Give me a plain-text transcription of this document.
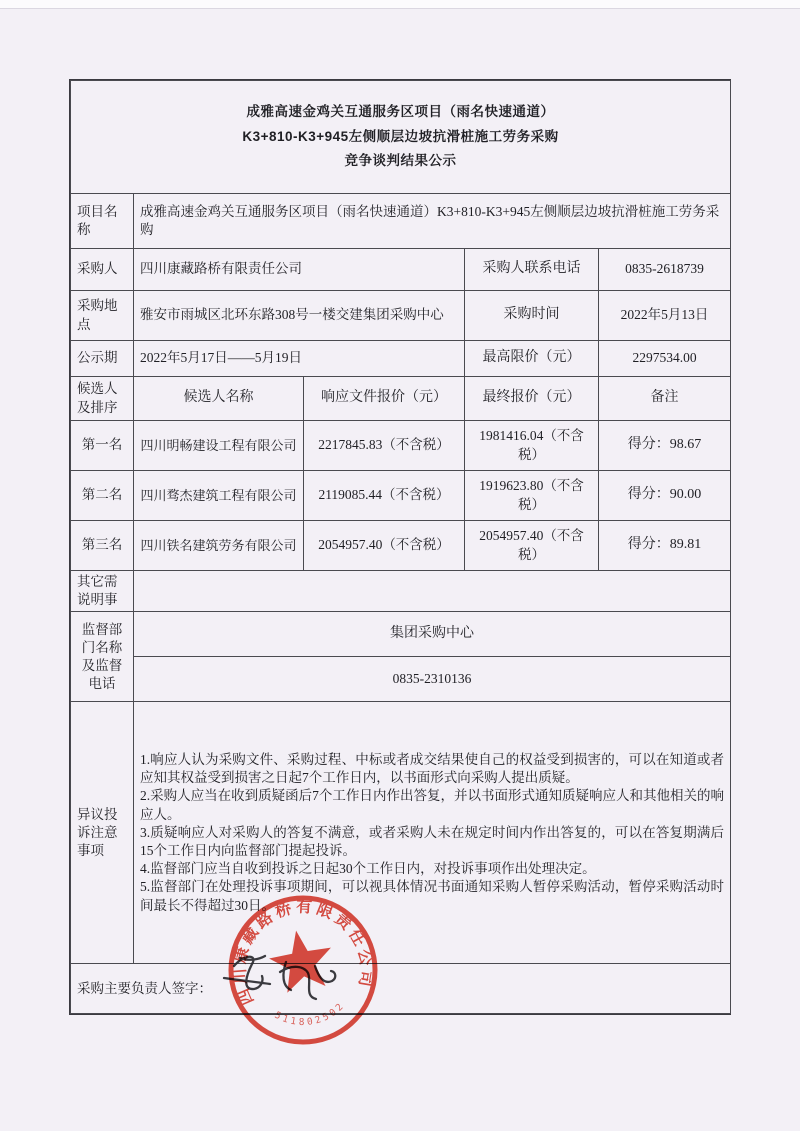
成雅高速金鸡关互通服务区项目（雨名快速通道）
K3+810-K3+945左侧顺层边坡抗滑桩施工劳务采购
竞争谈判结果公示				

项目名称	成雅高速金鸡关互通服务区项目（雨名快速通道）K3+810-K3+945左侧顺层边坡抗滑桩施工劳务采购			
采购人	四川康藏路桥有限责任公司		采购人联系电话	0835-2618739
采购地点	雅安市雨城区北环东路308号一楼交建集团采购中心		采购时间	2022年5月13日
公示期	2022年5月17日——5月19日		最高限价（元）	2297534.00
候选人及排序	候选人名称	响应文件报价（元）	最终报价（元）	备注
第一名	四川明畅建设工程有限公司	2217845.83（不含税）	1981416.04（不含税）	得分：98.67
第二名	四川骛杰建筑工程有限公司	2119085.44（不含税）	1919623.80（不含税）	得分：90.00
第三名	四川铁名建筑劳务有限公司	2054957.40（不含税）	2054957.40（不含税）	得分：89.81
其它需说明事				
监督部门名称及监督电话	集团采购中心			
	0835-2310136			
异议投诉注意事项	1.响应人认为采购文件、采购过程、中标或者成交结果使自己的权益受到损害的，可以在知道或者应知其权益受到损害之日起7个工作日内，以书面形式向采购人提出质疑。
2.采购人应当在收到质疑函后7个工作日内作出答复，并以书面形式通知质疑响应人和其他相关的响应人。
3.质疑响应人对采购人的答复不满意，或者采购人未在规定时间内作出答复的，可以在答复期满后15个工作日内向监督部门提起投诉。
4.监督部门应当自收到投诉之日起30个工作日内，对投诉事项作出处理决定。
5.监督部门在处理投诉事项期间，可以视具体情况书面通知采购人暂停采购活动，暂停采购活动时间最长不得超过30日。			

采购主要负责人签字：					四川康藏路桥有限责任公司
511802502
